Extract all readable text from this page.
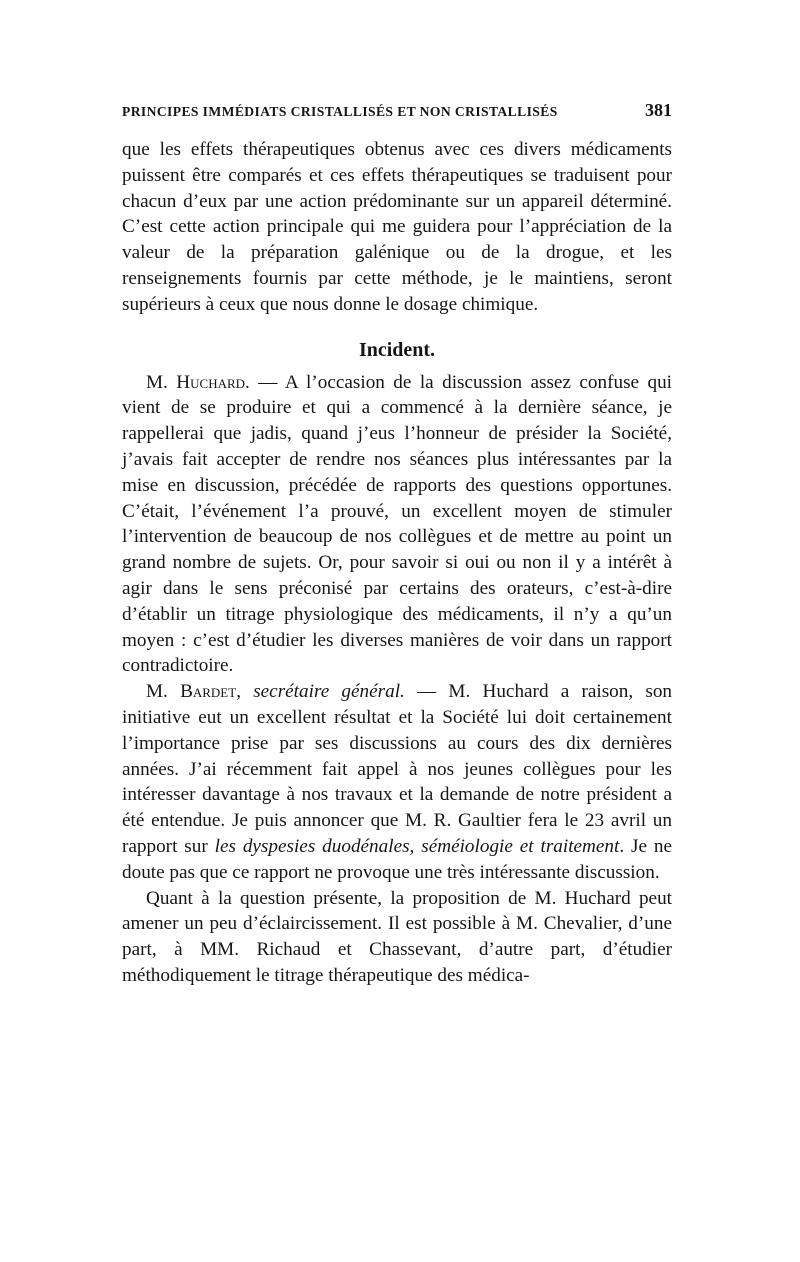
PRINCIPES IMMÉDIATS CRISTALLISÉS ET NON CRISTALLISÉS	381

que les effets thérapeutiques obtenus avec ces divers médicaments puissent être comparés et ces effets thérapeutiques se traduisent pour chacun d’eux par une action prédominante sur un appareil déterminé. C’est cette action principale qui me guidera pour l’appréciation de la valeur de la préparation galénique ou de la drogue, et les renseignements fournis par cette méthode, je le maintiens, seront supérieurs à ceux que nous donne le dosage chimique.

Incident.

M. Huchard. — A l’occasion de la discussion assez confuse qui vient de se produire et qui a commencé à la dernière séance, je rappellerai que jadis, quand j’eus l’honneur de présider la Société, j’avais fait accepter de rendre nos séances plus intéressantes par la mise en discussion, précédée de rapports des questions opportunes. C’était, l’événement l’a prouvé, un excellent moyen de stimuler l’intervention de beaucoup de nos collègues et de mettre au point un grand nombre de sujets. Or, pour savoir si oui ou non il y a intérêt à agir dans le sens préconisé par certains des orateurs, c’est-à-dire d’établir un titrage physiologique des médicaments, il n’y a qu’un moyen : c’est d’étudier les diverses manières de voir dans un rapport contradictoire.

M. Bardet, secrétaire général. — M. Huchard a raison, son initiative eut un excellent résultat et la Société lui doit certainement l’importance prise par ses discussions au cours des dix dernières années. J’ai récemment fait appel à nos jeunes collègues pour les intéresser davantage à nos travaux et la demande de notre président a été entendue. Je puis annoncer que M. R. Gaultier fera le 23 avril un rapport sur les dyspesies duodénales, séméiologie et traitement. Je ne doute pas que ce rapport ne provoque une très intéressante discussion.

Quant à la question présente, la proposition de M. Huchard peut amener un peu d’éclaircissement. Il est possible à M. Chevalier, d’une part, à MM. Richaud et Chassevant, d’autre part, d’étudier méthodiquement le titrage thérapeutique des médica-
